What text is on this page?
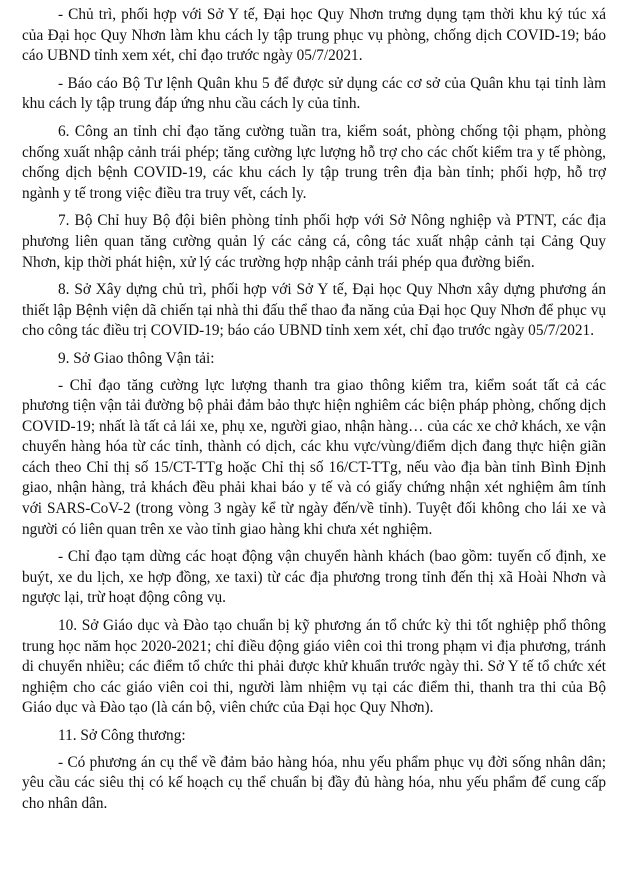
- Chủ trì, phối hợp với Sở Y tế, Đại học Quy Nhơn trưng dụng tạm thời khu ký túc xá của Đại học Quy Nhơn làm khu cách ly tập trung phục vụ phòng, chống dịch COVID-19; báo cáo UBND tỉnh xem xét, chỉ đạo trước ngày 05/7/2021.

- Báo cáo Bộ Tư lệnh Quân khu 5 để được sử dụng các cơ sở của Quân khu tại tỉnh làm khu cách ly tập trung đáp ứng nhu cầu cách ly của tỉnh.

6. Công an tỉnh chỉ đạo tăng cường tuần tra, kiểm soát, phòng chống tội phạm, phòng chống xuất nhập cảnh trái phép; tăng cường lực lượng hỗ trợ cho các chốt kiểm tra y tế phòng, chống dịch bệnh COVID-19, các khu cách ly tập trung trên địa bàn tỉnh; phối hợp, hỗ trợ ngành y tế trong việc điều tra truy vết, cách ly.

7. Bộ Chỉ huy Bộ đội biên phòng tỉnh phối hợp với Sở Nông nghiệp và PTNT, các địa phương liên quan tăng cường quản lý các cảng cá, công tác xuất nhập cảnh tại Cảng Quy Nhơn, kịp thời phát hiện, xử lý các trường hợp nhập cảnh trái phép qua đường biển.

8. Sở Xây dựng chủ trì, phối hợp với Sở Y tế, Đại học Quy Nhơn xây dựng phương án thiết lập Bệnh viện dã chiến tại nhà thi đấu thể thao đa năng của Đại học Quy Nhơn để phục vụ cho công tác điều trị COVID-19; báo cáo UBND tỉnh xem xét, chỉ đạo trước ngày 05/7/2021.

9. Sở Giao thông Vận tải:

- Chỉ đạo tăng cường lực lượng thanh tra giao thông kiểm tra, kiểm soát tất cả các phương tiện vận tải đường bộ phải đảm bảo thực hiện nghiêm các biện pháp phòng, chống dịch COVID-19; nhất là tất cả lái xe, phụ xe, người giao, nhận hàng… của các xe chở khách, xe vận chuyển hàng hóa từ các tỉnh, thành có dịch, các khu vực/vùng/điểm dịch đang thực hiện giãn cách theo Chỉ thị số 15/CT-TTg hoặc Chỉ thị số 16/CT-TTg, nếu vào địa bàn tỉnh Bình Định giao, nhận hàng, trả khách đều phải khai báo y tế và có giấy chứng nhận xét nghiệm âm tính với SARS-CoV-2 (trong vòng 3 ngày kể từ ngày đến/về tỉnh). Tuyệt đối không cho lái xe và người có liên quan trên xe vào tỉnh giao hàng khi chưa xét nghiệm.

- Chỉ đạo tạm dừng các hoạt động vận chuyển hành khách (bao gồm: tuyến cố định, xe buýt, xe du lịch, xe hợp đồng, xe taxi) từ các địa phương trong tỉnh đến thị xã Hoài Nhơn và ngược lại, trừ hoạt động công vụ.

10. Sở Giáo dục và Đào tạo chuẩn bị kỹ phương án tổ chức kỳ thi tốt nghiệp phổ thông trung học năm học 2020-2021; chỉ điều động giáo viên coi thi trong phạm vi địa phương, tránh di chuyển nhiều; các điểm tổ chức thi phải được khử khuẩn trước ngày thi. Sở Y tế tổ chức xét nghiệm cho các giáo viên coi thi, người làm nhiệm vụ tại các điểm thi, thanh tra thi của Bộ Giáo dục và Đào tạo (là cán bộ, viên chức của Đại học Quy Nhơn).

11. Sở Công thương:

- Có phương án cụ thể về đảm bảo hàng hóa, nhu yếu phẩm phục vụ đời sống nhân dân; yêu cầu các siêu thị có kế hoạch cụ thể chuẩn bị đầy đủ hàng hóa, nhu yếu phẩm để cung cấp cho nhân dân.
